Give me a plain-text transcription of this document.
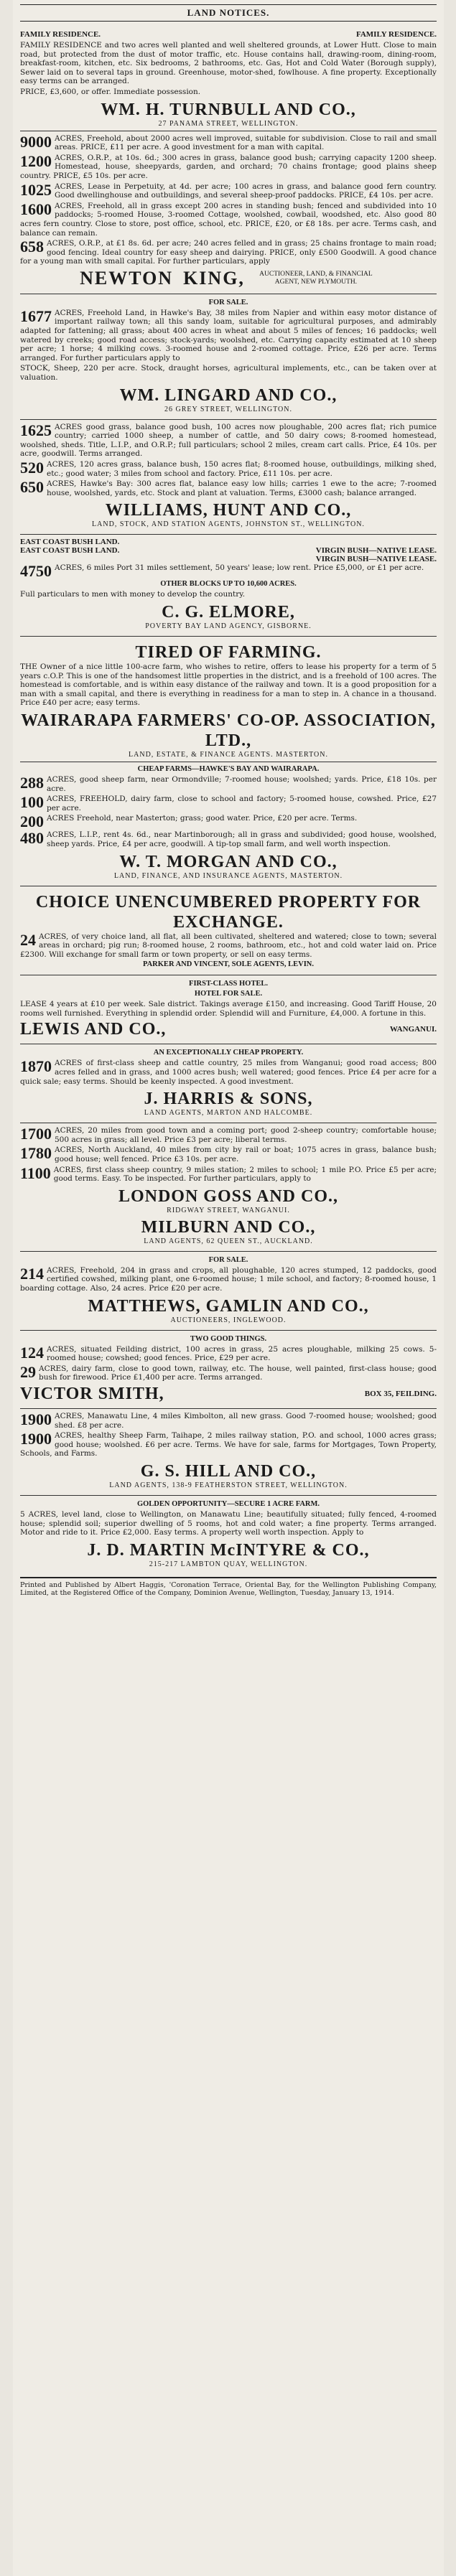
LAND NOTICES.
FAMILY RESIDENCE.	FAMILY RESIDENCE.

FAMILY RESIDENCE and two acres well planted and well sheltered grounds, at Lower Hutt. Close to main road, but protected from the dust of motor traffic, etc. House contains hall, drawing-room, dining-room, breakfast-room, kitchen, etc. Six bedrooms, 2 bathrooms, etc. Gas, Hot and Cold Water (Borough supply), Sewer laid on to several taps in ground. Greenhouse, motor-shed, fowlhouse. A fine property. Exceptionally easy terms can be arranged.

PRICE, £3,600, or offer. Immediate possession.

WM. H. TURNBULL AND CO.,
27 PANAMA STREET, WELLINGTON.
9000 ACRES, Freehold, about 2000 acres well improved, suitable for subdivision. Close to rail and small areas. PRICE, £11 per acre. A good investment for a man with capital.
1200 ACRES, O.R.P., at 10s. 6d.; 300 acres in grass, balance good bush; carrying capacity 1200 sheep. Homestead, house, sheepyards, garden, and orchard; 70 chains frontage; good plains sheep country. PRICE, £5 10s. per acre.
1025 ACRES, Lease in Perpetuity, at 4d. per acre; 100 acres in grass, and balance good fern country. Good dwellinghouse and outbuildings, and several sheep-proof paddocks. PRICE, £4 10s. per acre.
1600 ACRES, Freehold, all in grass except 200 acres in standing bush; fenced and subdivided into 10 paddocks; 5-roomed House, 3-roomed Cottage, woolshed, cowbail, woodshed, etc. Also good 80 acres fern country. Close to store, post office, school, etc. PRICE, £20, or £8 18s. per acre. Terms cash, and balance can remain.
658 ACRES, O.R.P., at £1 8s. 6d. per acre; 240 acres felled and in grass; 25 chains frontage to main road; good fencing. Ideal country for easy sheep and dairying. PRICE, only £500 Goodwill. A good chance for a young man with small capital. For further particulars, apply
NEWTON KING,	AUCTIONEER, LAND, & FINANCIAL AGENT, NEW PLYMOUTH.
FOR SALE.
1677 ACRES, Freehold Land, in Hawke's Bay, 38 miles from Napier and within easy motor distance of important railway town; all this sandy loam, suitable for agricultural purposes, and admirably adapted for fattening; all grass; about 400 acres in wheat and about 5 miles of fences; 16 paddocks; well watered by creeks; good road access; stock-yards; woolshed, etc. Carrying capacity estimated at 10 sheep per acre; 1 horse; 4 milking cows. 3-roomed house and 2-roomed cottage. Price, £26 per acre. Terms arranged. For further particulars apply to

STOCK, Sheep, 220 per acre. Stock, draught horses, agricultural implements, etc., can be taken over at valuation.

WM. LINGARD AND CO.,
26 GREY STREET, WELLINGTON.
1625 ACRES good grass, balance good bush, 100 acres now ploughable, 200 acres flat; rich pumice country; carried 1000 sheep, a number of cattle, and 50 dairy cows; 8-roomed homestead, woolshed, sheds. Title, L.I.P., and O.R.P.; full particulars; school 2 miles, cream cart calls. Price, £4 10s. per acre, goodwill. Terms arranged.
520 ACRES, 120 acres grass, balance bush, 150 acres flat; 8-roomed house, outbuildings, milking shed, etc.; good water; 3 miles from school and factory. Price, £11 10s. per acre.
650 ACRES, Hawke's Bay: 300 acres flat, balance easy low hills; carries 1 ewe to the acre; 7-roomed house, woolshed, yards, etc. Stock and plant at valuation. Terms, £3000 cash; balance arranged.
WILLIAMS, HUNT AND CO.,
LAND, STOCK, AND STATION AGENTS, JOHNSTON ST., WELLINGTON.
EAST COAST BUSH LAND.
EAST COAST BUSH LAND.	VIRGIN BUSH—NATIVE LEASE.
VIRGIN BUSH—NATIVE LEASE.
4750 ACRES, 6 miles Port 31 miles settlement, 50 years' lease; low rent. Price £5,000, or £1 per acre.
OTHER BLOCKS UP TO 10,600 ACRES.

Full particulars to men with money to develop the country.

C. G. ELMORE,
POVERTY BAY LAND AGENCY, GISBORNE.
TIRED OF FARMING.

THE Owner of a nice little 100-acre farm, who wishes to retire, offers to lease his property for a term of 5 years c.O.P. This is one of the handsomest little properties in the district, and is a freehold of 100 acres. The homestead is comfortable, and is within easy distance of the railway and town. It is a good proposition for a man with a small capital, and there is everything in readiness for a man to step in. A chance in a thousand. Price £40 per acre; easy terms.

WAIRARAPA FARMERS' CO-OP. ASSOCIATION, LTD.,
LAND, ESTATE, & FINANCE AGENTS. MASTERTON.
CHEAP FARMS—HAWKE'S BAY AND WAIRARAPA.
288 ACRES, good sheep farm, near Ormondville; 7-roomed house; woolshed; yards. Price, £18 10s. per acre.
100 ACRES, FREEHOLD, dairy farm, close to school and factory; 5-roomed house, cowshed. Price, £27 per acre.
200 ACRES Freehold, near Masterton; grass; good water. Price, £20 per acre. Terms.
480 ACRES, L.I.P., rent 4s. 6d., near Martinborough; all in grass and subdivided; good house, woolshed, sheep yards. Price, £4 per acre, goodwill. A tip-top small farm, and well worth inspection.
W. T. MORGAN AND CO.,
LAND, FINANCE, AND INSURANCE AGENTS, MASTERTON.
CHOICE UNENCUMBERED PROPERTY FOR EXCHANGE.
24 ACRES, of very choice land, all flat, all been cultivated, sheltered and watered; close to town; several areas in orchard; pig run; 8-roomed house, 2 rooms, bathroom, etc., hot and cold water laid on. Price £2300. Will exchange for small farm or town property, or sell on easy terms.
PARKER AND VINCENT, SOLE AGENTS, LEVIN.
FIRST-CLASS HOTEL.
HOTEL FOR SALE.

LEASE 4 years at £10 per week. Sale district. Takings average £150, and increasing. Good Tariff House, 20 rooms well furnished. Everything in splendid order. Splendid will and Furniture, £4,000. A fortune in this.

LEWIS AND CO.,	WANGANUI.
AN EXCEPTIONALLY CHEAP PROPERTY.
1870 ACRES of first-class sheep and cattle country, 25 miles from Wanganui; good road access; 800 acres felled and in grass, and 1000 acres bush; well watered; good fences. Price £4 per acre for a quick sale; easy terms. Should be keenly inspected. A good investment.
J. HARRIS & SONS,
LAND AGENTS, MARTON AND HALCOMBE.
1700 ACRES, 20 miles from good town and a coming port; good 2-sheep country; comfortable house; 500 acres in grass; all level. Price £3 per acre; liberal terms.
1780 ACRES, North Auckland, 40 miles from city by rail or boat; 1075 acres in grass, balance bush; good house; well fenced. Price £3 10s. per acre.
1100 ACRES, first class sheep country, 9 miles station; 2 miles to school; 1 mile P.O. Price £5 per acre; good terms. Easy. To be inspected. For further particulars, apply to
LONDON GOSS AND CO.,
RIDGWAY STREET, WANGANUI.
MILBURN AND CO.,
LAND AGENTS, 62 QUEEN ST., AUCKLAND.
FOR SALE.
214 ACRES, Freehold, 204 in grass and crops, all ploughable, 120 acres stumped, 12 paddocks, good certified cowshed, milking plant, one 6-roomed house; 1 mile school, and factory; 8-roomed house, 1 boarding cottage. Also, 24 acres. Price £20 per acre.
MATTHEWS, GAMLIN AND CO.,
AUCTIONEERS, INGLEWOOD.
TWO GOOD THINGS.
124 ACRES, situated Feilding district, 100 acres in grass, 25 acres ploughable, milking 25 cows. 5-roomed house; cowshed; good fences. Price, £29 per acre.
29 ACRES, dairy farm, close to good town, railway, etc. The house, well painted, first-class house; good bush for firewood. Price £1,400 per acre. Terms arranged.
VICTOR SMITH,	BOX 35, FEILDING.
1900 ACRES, Manawatu Line, 4 miles Kimbolton, all new grass. Good 7-roomed house; woolshed; good shed. £8 per acre.
1900 ACRES, healthy Sheep Farm, Taihape, 2 miles railway station, P.O. and school, 1000 acres grass; good house; woolshed. £6 per acre. Terms. We have for sale, farms for Mortgages, Town Property, Schools, and Farms.
G. S. HILL AND CO.,
LAND AGENTS, 138-9 FEATHERSTON STREET, WELLINGTON.
GOLDEN OPPORTUNITY—SECURE 1 ACRE FARM.

5 ACRES, level land, close to Wellington, on Manawatu Line; beautifully situated; fully fenced, 4-roomed house; splendid soil; superior dwelling of 5 rooms, hot and cold water; a fine property. Terms arranged. Motor and ride to it. Price £2,000. Easy terms. A property well worth inspection. Apply to

J. D. MARTIN McINTYRE & CO.,
215-217 LAMBTON QUAY, WELLINGTON.
Printed and Published by Albert Haggis, 'Coronation Terrace, Oriental Bay, for the Wellington Publishing Company, Limited, at the Registered Office of the Company, Dominion Avenue, Wellington, Tuesday, January 13, 1914.
